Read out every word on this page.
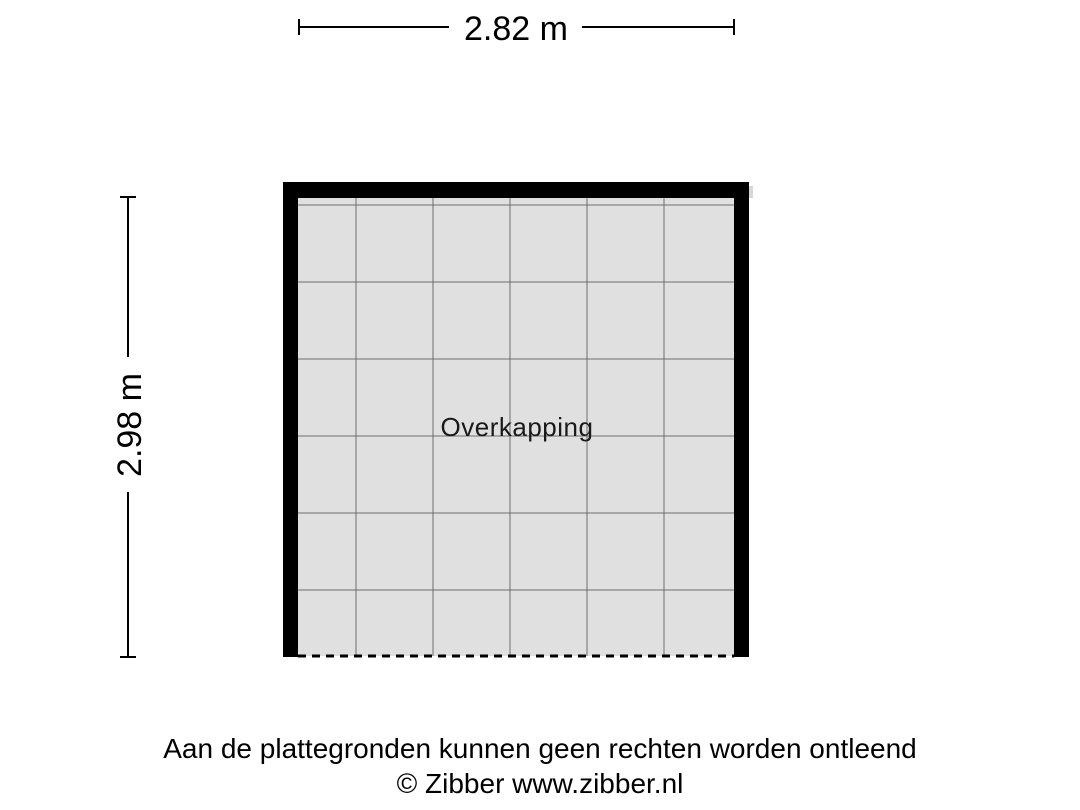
2.82 m
2.98 m	Overkapping
Aan de plattegronden kunnen geen rechten worden ontleend
© Zibber www.zibber.nl
